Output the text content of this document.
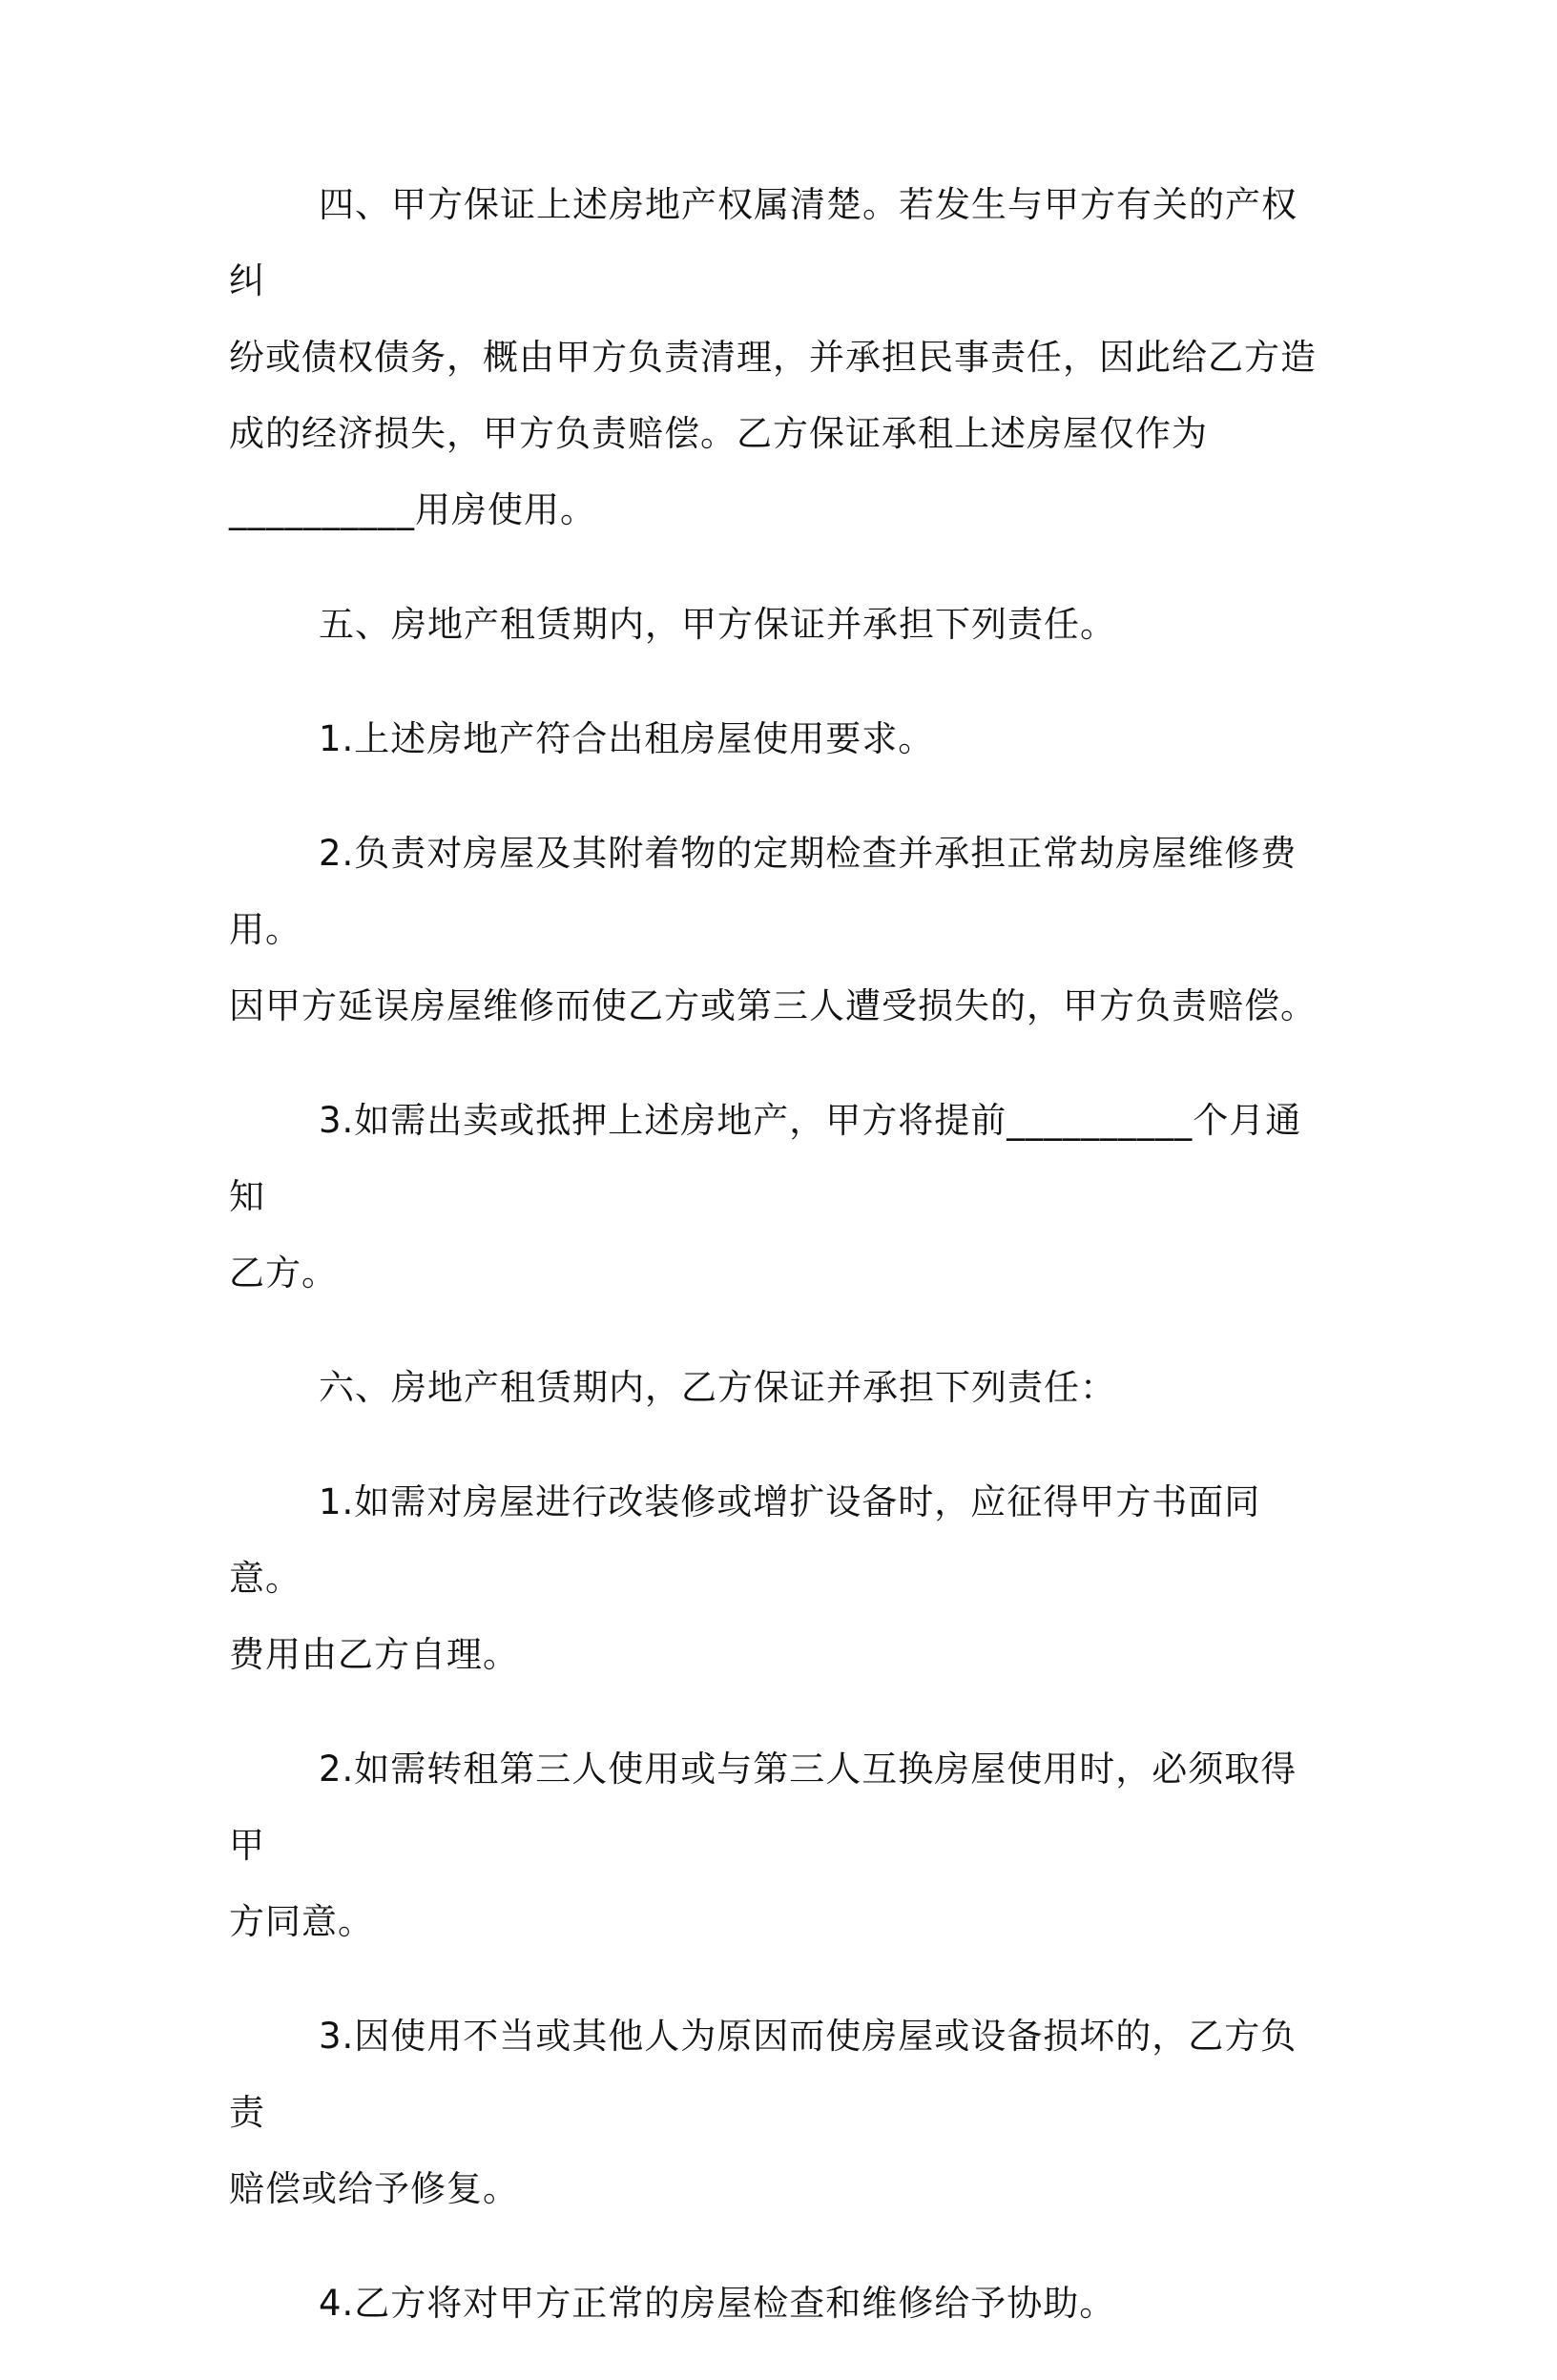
四、甲方保证上述房地产权属清楚。若发生与甲方有关的产权纠
纷或债权债务，概由甲方负责清理，并承担民事责任，因此给乙方造
成的经济损失，甲方负责赔偿。乙方保证承租上述房屋仅作为
__________用房使用。

五、房地产租赁期内，甲方保证并承担下列责任。

1.上述房地产符合出租房屋使用要求。

2.负责对房屋及其附着物的定期检查并承担正常劫房屋维修费用。
因甲方延误房屋维修而使乙方或第三人遭受损失的，甲方负责赔偿。

3.如需出卖或抵押上述房地产，甲方将提前__________个月通知
乙方。

六、房地产租赁期内，乙方保证并承担下列责任：

1.如需对房屋进行改装修或增扩设备时，应征得甲方书面同意。
费用由乙方自理。

2.如需转租第三人使用或与第三人互换房屋使用时，必须取得甲
方同意。

3.因使用不当或其他人为原因而使房屋或设备损坏的，乙方负责
赔偿或给予修复。

4.乙方将对甲方正常的房屋检查和维修给予协助。
